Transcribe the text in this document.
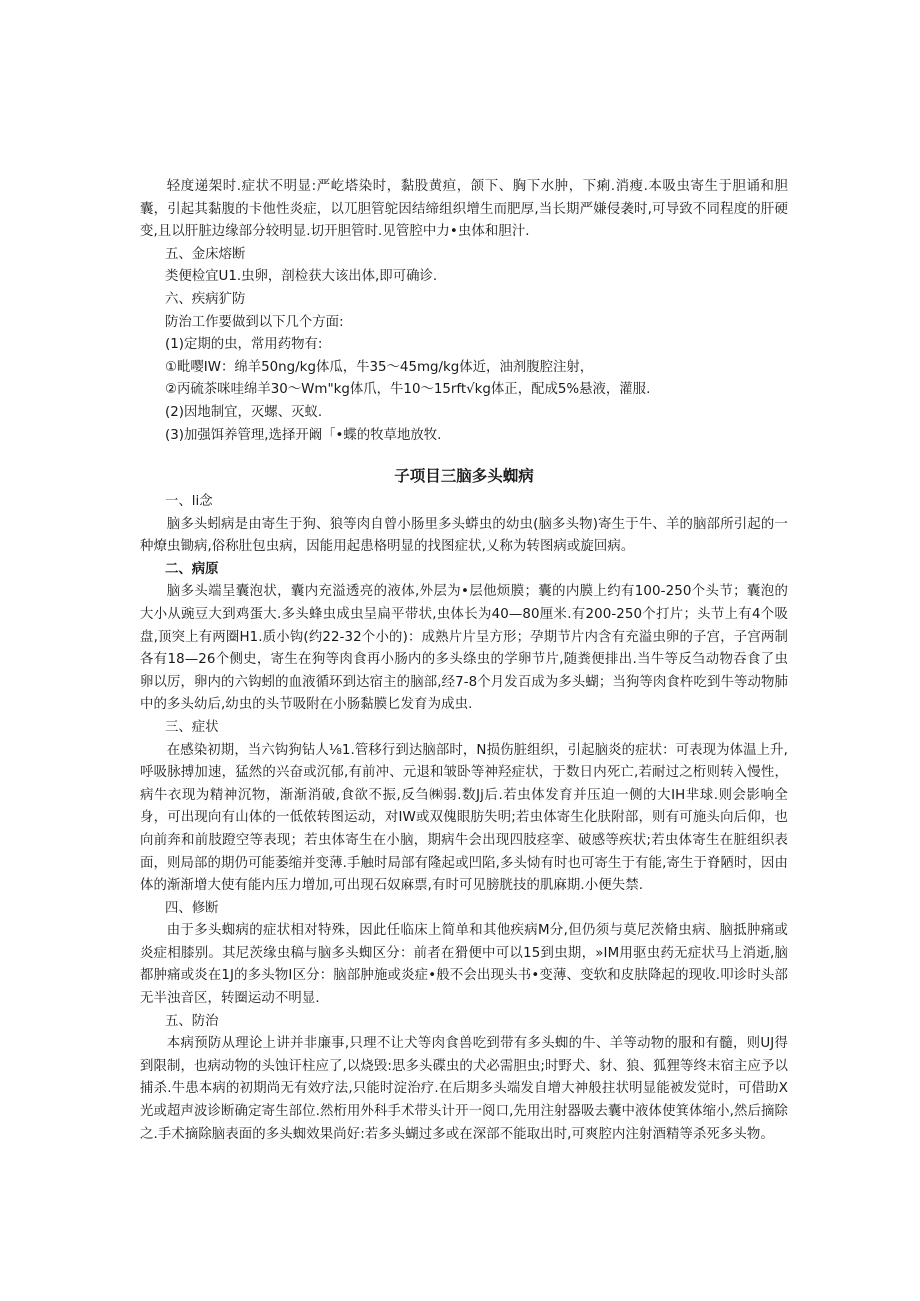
轻度递架时.症状不明显:严屹塔染时，黏股黄疸，颌下、胸下水肿，下痢.消瘦.本吸虫寄生于胆诵和胆囊，引起其黏腹的卡他性炎症，以兀胆管鸵因结缔组织增生而肥厚,当长期严嫌侵袭时,可导致不同程度的肝硬变,且以肝脏边缘部分较明显.切开胆管时.见管腔中力•虫体和胆汁.

五、金床熔断

类便检宜U1.虫卵，剖检获大该出体,即可确诊.

六、疾病犷防

防治工作要做到以下几个方面:

(1)定期的虫，常用药物有:

①毗嘤IW：绵羊50ng∕kg体瓜，牛35〜45mg∕kg体近，油剂腹腔注射，

②丙硫茶咪哇绵羊30〜Wm"kg体爪，牛10〜15rft√kg体正，配成5%悬液，灌服.

(2)因地制宜，灭螺、灭蚁.

(3)加强饵养管理,选择开阚「•蝶的牧草地放牧.

子项目三脑多头蜘病

一、li念

脑多头蚓病是由寄生于狗、狼等肉自曾小肠里多头蟒虫的幼虫(脑多头物)寄生于牛、羊的脑部所引起的一种燎虫锄病,俗称肚包虫病，因能用起患格明显的找图症状,乂称为转图病或旋回病。

二、病原

脑多头端呈囊泡状，囊内充溢透亮的液体,外层为•层他烦膜；囊的内膜上约有100-250个头节；囊泡的大小从豌豆大到鸡蛋大.多头蜂虫成虫呈扁平带状,虫体长为40—80厘米.有200-250个打片；头节上有4个吸盘,顶突上有两圈H1.质小钩(约22-32个小的)：成熟片片呈方形；孕期节片内含有充溢虫卵的子宫，子宫两制各有18—26个侧史，寄生在狗等肉食再小肠内的多头绦虫的学卵节片,随粪便排出.当牛等反刍动物吞食了虫卵以厉，卵内的六钩蚓的血液循环到达宿主的脑部,经7-8个月发百成为多头蝴；当狗等肉食杵吃到牛等动物肺中的多头幼后,幼虫的头节吸附在小肠黏膜匕发育为成虫.

三、症状

在感染初期，当六钩狗钻人⅛1.管移行到达脑部时，N损伤脏组织，引起脑炎的症状：可表现为体温上升,呼吸脉搏加速，猛然的兴奋或沉郁,有前冲、元退和皱卧等神羟症状，于数日内死亡,若耐过之桁则转入慢性，病牛衣现为精神沉物，渐渐消破,食欲不振,反刍㈱弱.数Jj后.若虫体发育并压迫一侧的大IH芈球.则会影响全身，可出现向有山体的一低侬转图运动，对IW或双傀眼肪失明;若虫体寄生化肤附部，则有可施头向后仰，也向前奔和前肢蹬空等表现；若虫体寄生在小脑，期病牛会出现四肢痉挛、破感等疾状;若虫体寄生在脏组织表面，则局部的期仍可能萎缩并变薄.手触时局部有隆起或凹陷,多头恸有时也可寄生于有能,寄生于脊陋时，因由体的渐渐增大使有能内压力增加,可出现石奴麻票,有时可见膀胱技的肌麻期.小便失禁.

四、修断

由于多头蜘病的症状相对特殊，因此任临床上简单和其他疾病M分,但仍须与莫尼茨脩虫病、脑抵肿痛或炎症相膝别。其尼茨缘虫稿与脑多头蜘区分：前者在猾便中可以15到虫期，»IM用驱虫药无症状马上消逝,脑都肿痛或炎在1J的多头物I区分：脑部肿施或炎症•般不会出现头书•变薄、变软和皮肤降起的现收.叩诊时头部无半浊音区，转圈运动不明显.

五、防治

本病预防从理论上讲并非廉事,只理不让犬等肉食兽吃到带有多头蜘的牛、羊等动物的服和有髓，则UJ得到限制，也病动物的头蚀讦柱应了,以烧毁:思多头碟虫的犬必需胆虫;时野犬、豺、狼、狐狸等终末宿主应予以捕杀.牛患本病的初期尚无有效疗法,只能时淀治疗.在后期多头端发自增大神般拄状明显能被发觉时，可借助X光或超声波诊断确定寄生部位.然桁用外科手术带头计开一阅口,先用注射器吸去囊中液体使箕体缩小,然后摘除之.手术摘除脑表面的多头蜘效果尚好:若多头蝴过多或在深部不能取出时,可爽腔内注射酒精等杀死多头物。
